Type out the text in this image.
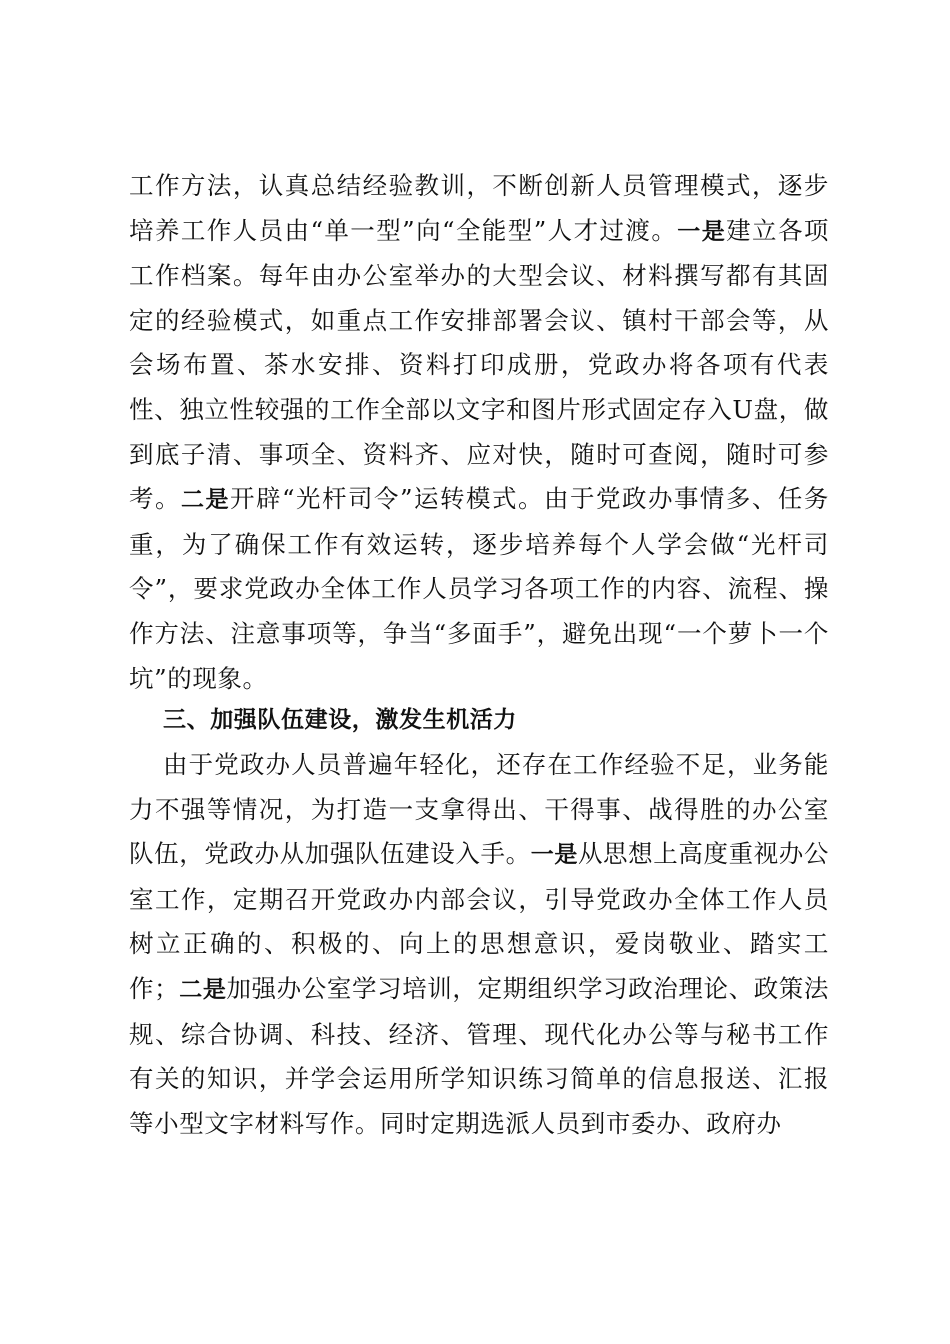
工作方法，认真总结经验教训，不断创新人员管理模式，逐步培养工作人员由“单一型”向“全能型”人才过渡。一是建立各项工作档案。每年由办公室举办的大型会议、材料撰写都有其固定的经验模式，如重点工作安排部署会议、镇村干部会等，从会场布置、茶水安排、资料打印成册，党政办将各项有代表性、独立性较强的工作全部以文字和图片形式固定存入U盘，做到底子清、事项全、资料齐、应对快，随时可查阅，随时可参考。二是开辟“光杆司令”运转模式。由于党政办事情多、任务重，为了确保工作有效运转，逐步培养每个人学会做“光杆司令”，要求党政办全体工作人员学习各项工作的内容、流程、操作方法、注意事项等，争当“多面手”，避免出现“一个萝卜一个坑”的现象。

三、加强队伍建设，激发生机活力

由于党政办人员普遍年轻化，还存在工作经验不足，业务能力不强等情况，为打造一支拿得出、干得事、战得胜的办公室队伍，党政办从加强队伍建设入手。一是从思想上高度重视办公室工作，定期召开党政办内部会议，引导党政办全体工作人员树立正确的、积极的、向上的思想意识，爱岗敬业、踏实工作；二是加强办公室学习培训，定期组织学习政治理论、政策法规、综合协调、科技、经济、管理、现代化办公等与秘书工作有关的知识，并学会运用所学知识练习简单的信息报送、汇报等小型文字材料写作。同时定期选派人员到市委办、政府办
